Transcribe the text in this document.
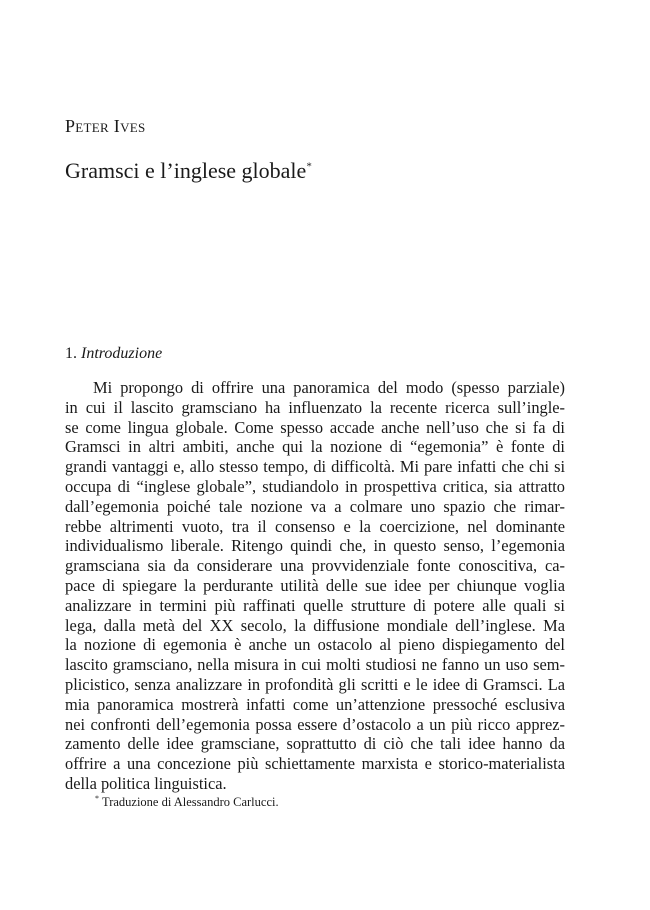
Peter Ives
Gramsci e l’inglese globale*
1. Introduzione
Mi propongo di offrire una panoramica del modo (spesso parziale)
in cui il lascito gramsciano ha influenzato la recente ricerca sull’ingle-
se come lingua globale. Come spesso accade anche nell’uso che si fa di
Gramsci in altri ambiti, anche qui la nozione di “egemonia” è fonte di
grandi vantaggi e, allo stesso tempo, di difficoltà. Mi pare infatti che chi si
occupa di “inglese globale”, studiandolo in prospettiva critica, sia attratto
dall’egemonia poiché tale nozione va a colmare uno spazio che rimar-
rebbe altrimenti vuoto, tra il consenso e la coercizione, nel dominante
individualismo liberale. Ritengo quindi che, in questo senso, l’egemonia
gramsciana sia da considerare una provvidenziale fonte conoscitiva, ca-
pace di spiegare la perdurante utilità delle sue idee per chiunque voglia
analizzare in termini più raffinati quelle strutture di potere alle quali si
lega, dalla metà del XX secolo, la diffusione mondiale dell’inglese. Ma
la nozione di egemonia è anche un ostacolo al pieno dispiegamento del
lascito gramsciano, nella misura in cui molti studiosi ne fanno un uso sem-
plicistico, senza analizzare in profondità gli scritti e le idee di Gramsci. La
mia panoramica mostrerà infatti come un’attenzione pressoché esclusiva
nei confronti dell’egemonia possa essere d’ostacolo a un più ricco apprez-
zamento delle idee gramsciane, soprattutto di ciò che tali idee hanno da
offrire a una concezione più schiettamente marxista e storico-materialista
della politica linguistica.
* Traduzione di Alessandro Carlucci.
